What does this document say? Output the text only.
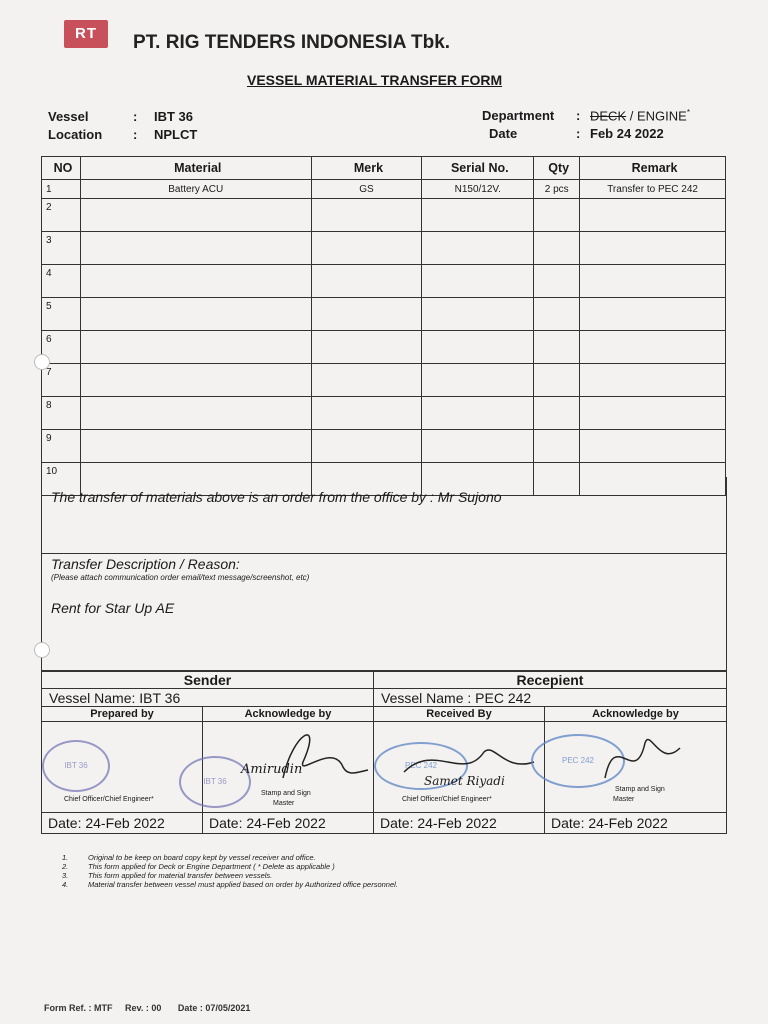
RT	PT. RIG TENDERS INDONESIA Tbk.
VESSEL MATERIAL TRANSFER FORM
Vessel	: IBT 36
Location : NPLCT
Department : DECK / ENGINE*
Date	: Feb 24 2022
NO	Material	Merk	Serial No.	Qty	Remark
1	Battery ACU	GS	N150/12V.	2 pcs	Transfer to PEC 242
2					
3					
4					
5					
6					
7					
8					
9					
10					
The transfer of materials above is an order from the office by : Mr Sujono
Transfer Description / Reason:
(Please attach communication order email/text message/screenshot, etc)
Rent for Star Up AE
Sender	Recepient
Vessel Name: IBT 36	Vessel Name : PEC 242
Prepared by	Acknowledge by	Received By	Acknowledge by
IBT 36
Chief Officer/Chief Engineer*
IBT 36
Amirudin
Stamp and Sign
Master
PEC 242
Samet Riyadi
Chief Officer/Chief Engineer*
PEC 242
Stamp and Sign
Master
Date: 24-Feb 2022	Date: 24-Feb 2022	Date: 24-Feb 2022	Date: 24-Feb 2022
1.	Original to be keep on board copy kept by vessel receiver and office.
2.	This form applied for Deck or Engine Department ( * Delete as applicable )
3.	This form applied for material transfer between vessels.
4.	Material transfer between vessel must applied based on order by Authorized office personnel.
Form Ref. : MTF Rev. : 00 Date : 07/05/2021
